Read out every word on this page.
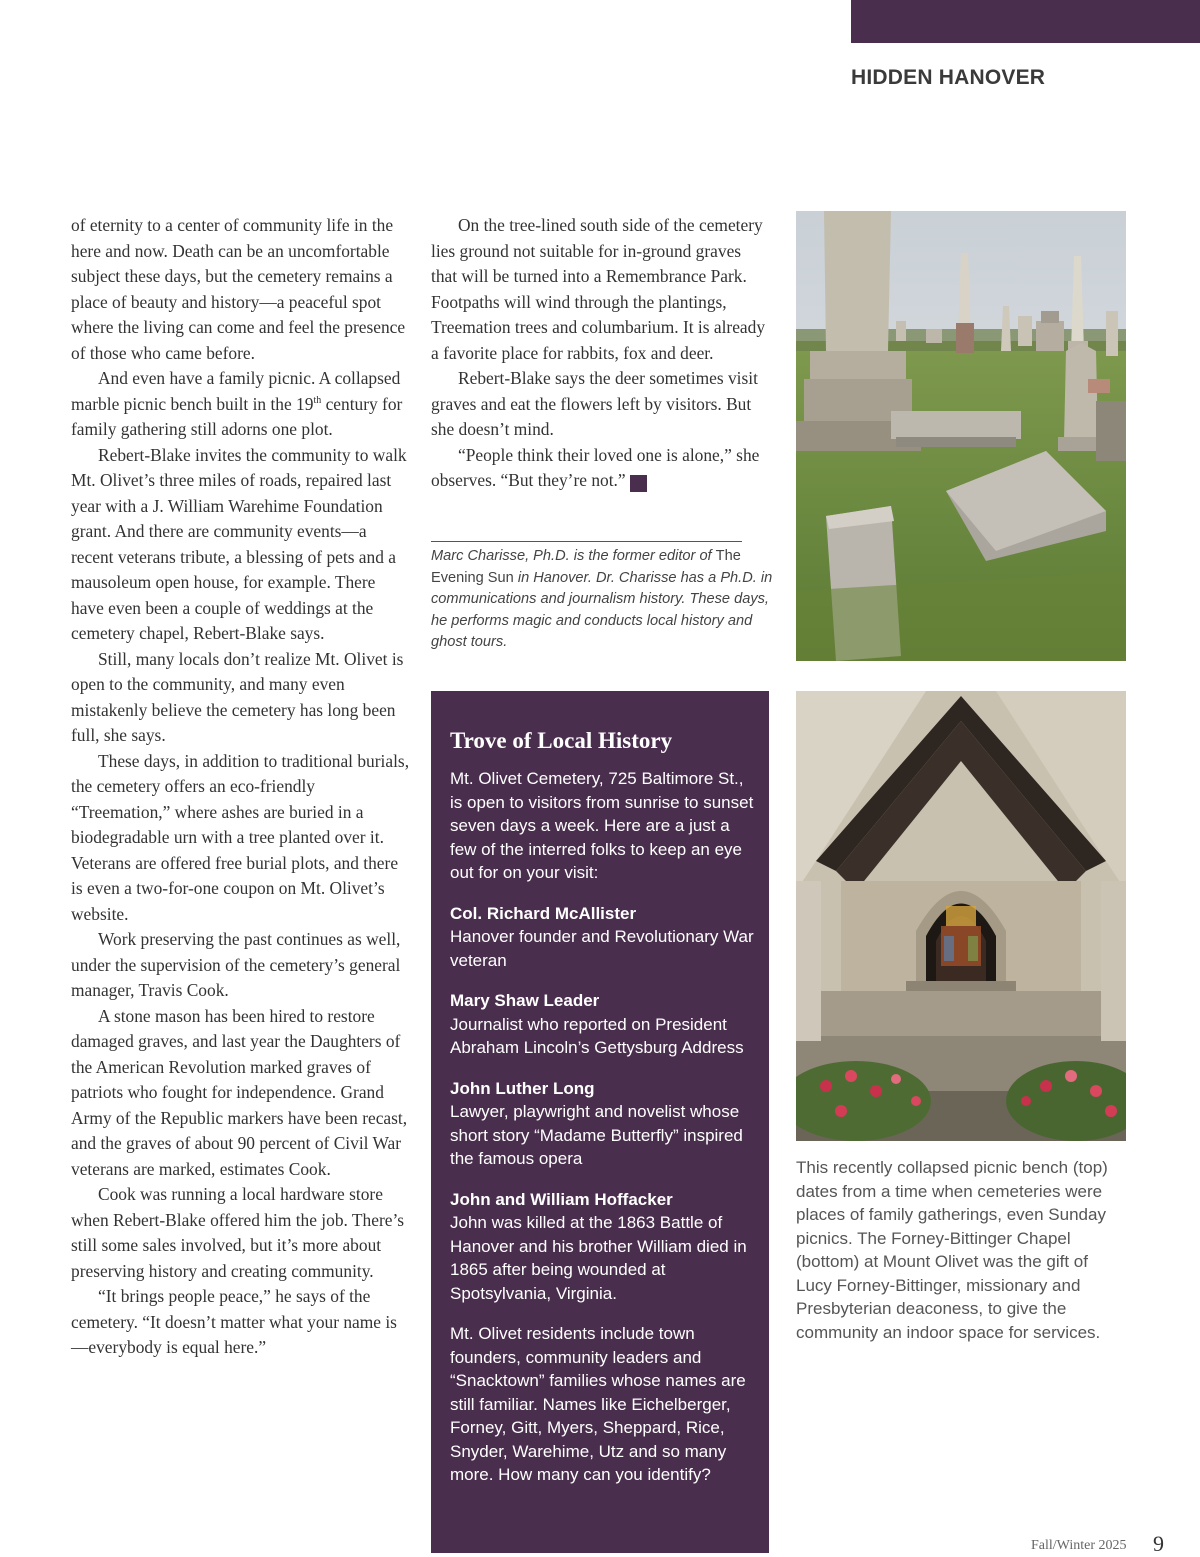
HIDDEN HANOVER

of eternity to a center of community life in the here and now. Death can be an uncomfortable subject these days, but the cemetery remains a place of beauty and history—a peaceful spot where the living can come and feel the presence of those who came before.

And even have a family picnic. A collapsed marble picnic bench built in the 19th century for family gathering still adorns one plot.

Rebert-Blake invites the community to walk Mt. Olivet’s three miles of roads, repaired last year with a J. William Warehime Foundation grant. And there are community events—a recent veterans tribute, a blessing of pets and a mausoleum open house, for example. There have even been a couple of weddings at the cemetery chapel, Rebert-Blake says.

Still, many locals don’t realize Mt. Olivet is open to the community, and many even mistakenly believe the cemetery has long been full, she says.

These days, in addition to traditional burials, the cemetery offers an eco-friendly “Treemation,” where ashes are buried in a biodegradable urn with a tree planted over it. Veterans are offered free burial plots, and there is even a two-for-one coupon on Mt. Olivet’s website.

Work preserving the past continues as well, under the supervision of the cemetery’s general manager, Travis Cook.

A stone mason has been hired to restore damaged graves, and last year the Daughters of the American Revolution marked graves of patriots who fought for independence. Grand Army of the Republic markers have been recast, and the graves of about 90 percent of Civil War veterans are marked, estimates Cook.

Cook was running a local hardware store when Rebert-Blake offered him the job. There’s still some sales involved, but it’s more about preserving history and creating community.

“It brings people peace,” he says of the cemetery. “It doesn’t matter what your name is—everybody is equal here.”

On the tree-lined south side of the cemetery lies ground not suitable for in-ground graves that will be turned into a Remembrance Park. Footpaths will wind through the plantings, Treemation trees and columbarium. It is already a favorite place for rabbits, fox and deer.

Rebert-Blake says the deer sometimes visit graves and eat the flowers left by visitors. But she doesn’t mind.

“People think their loved one is alone,” she observes. “But they’re not.” H

Marc Charisse, Ph.D. is the former editor of The Evening Sun in Hanover. Dr. Charisse has a Ph.D. in communications and journalism history. These days, he performs magic and conducts local history and ghost tours.
Trove of Local History

Mt. Olivet Cemetery, 725 Baltimore St., is open to visitors from sunrise to sunset seven days a week. Here are a just a few of the interred folks to keep an eye out for on your visit:

Col. Richard McAllister
Hanover founder and Revolutionary War veteran
Mary Shaw Leader
Journalist who reported on President Abraham Lincoln’s Gettysburg Address
John Luther Long
Lawyer, playwright and novelist whose short story “Madame Butterfly” inspired the famous opera
John and William Hoffacker
John was killed at the 1863 Battle of Hanover and his brother William died in 1865 after being wounded at Spotsylvania, Virginia.

Mt. Olivet residents include town founders, community leaders and “Snacktown” families whose names are still familiar. Names like Eichelberger, Forney, Gitt, Myers, Sheppard, Rice, Snyder, Warehime, Utz and so many more. How many can you identify?

This recently collapsed picnic bench (top) dates from a time when cemeteries were places of family gatherings, even Sunday picnics. The Forney-Bittinger Chapel (bottom) at Mount Olivet was the gift of Lucy Forney-Bittinger, missionary and Presbyterian deaconess, to give the community an indoor space for services.
Fall/Winter 2025 9
